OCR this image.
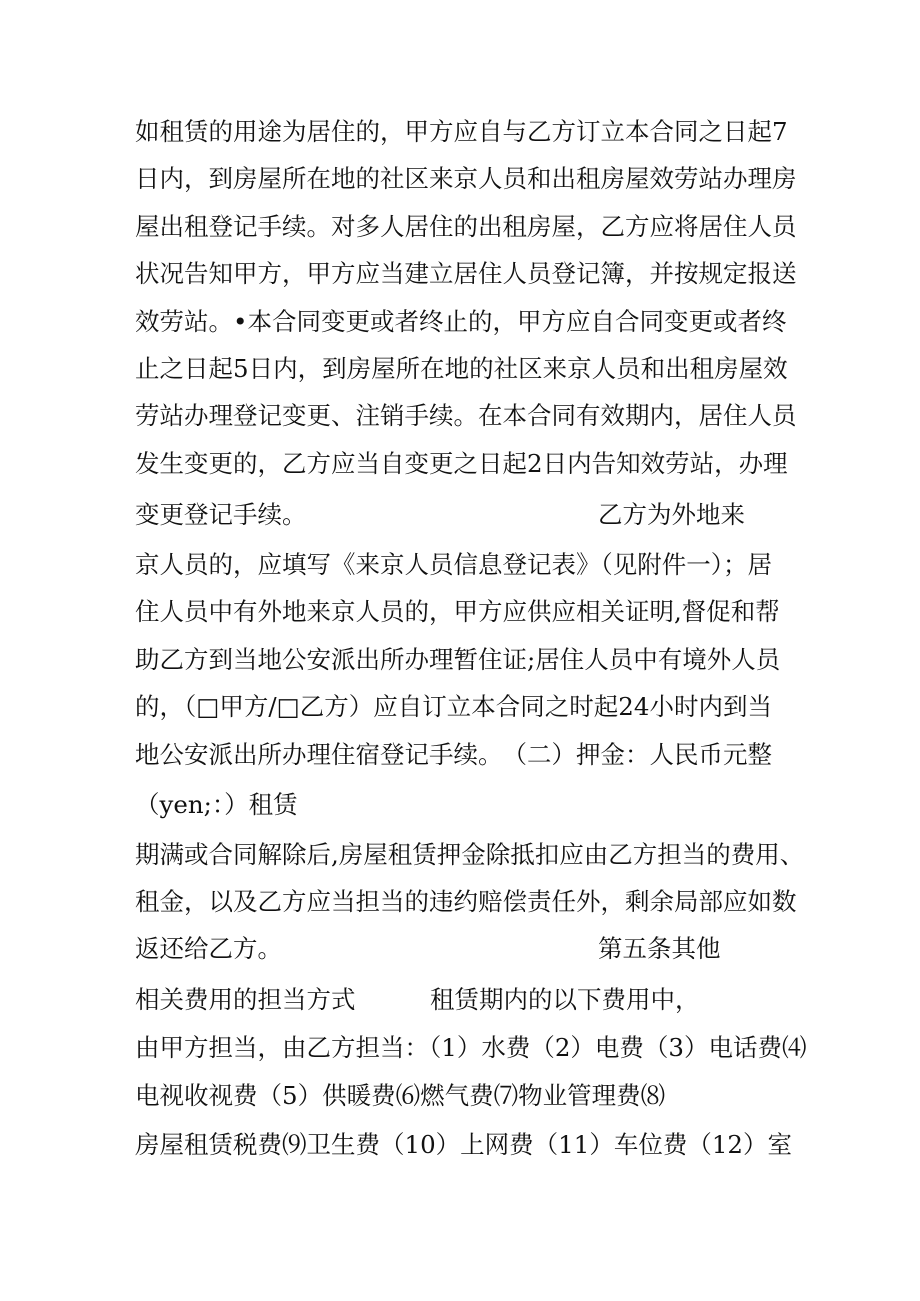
如租赁的用途为居住的，甲方应自与乙方订立本合同之日起7
日内，到房屋所在地的社区来京人员和出租房屋效劳站办理房
屋出租登记手续。对多人居住的出租房屋，乙方应将居住人员
状况告知甲方，甲方应当建立居住人员登记簿，并按规定报送
效劳站。•本合同变更或者终止的，甲方应自合同变更或者终
止之日起5日内，到房屋所在地的社区来京人员和出租房屋效
劳站办理登记变更、注销手续。在本合同有效期内，居住人员
发生变更的，乙方应当自变更之日起2日内告知效劳站，办理
变更登记手续。	乙方为外地来
京人员的，应填写《来京人员信息登记表》（见附件一）；居
住人员中有外地来京人员的，甲方应供应相关证明,督促和帮
助乙方到当地公安派出所办理暂住证;居住人员中有境外人员
的，（□甲方/□乙方）应自订立本合同之时起24小时内到当
地公安派出所办理住宿登记手续。　（二）押金：人民币元整
（yen;：）租赁
期满或合同解除后,房屋租赁押金除抵扣应由乙方担当的费用、
租金，以及乙方应当担当的违约赔偿责任外，剩余局部应如数
返还给乙方。	第五条其他
相关费用的担当方式	租赁期内的以下费用中，
由甲方担当，由乙方担当：（1）水费（2）电费（3）电话费⑷
电视收视费（5）供暖费⑹燃气费⑺物业管理费⑻
房屋租赁税费⑼卫生费（10）上网费（11）车位费（12）室
